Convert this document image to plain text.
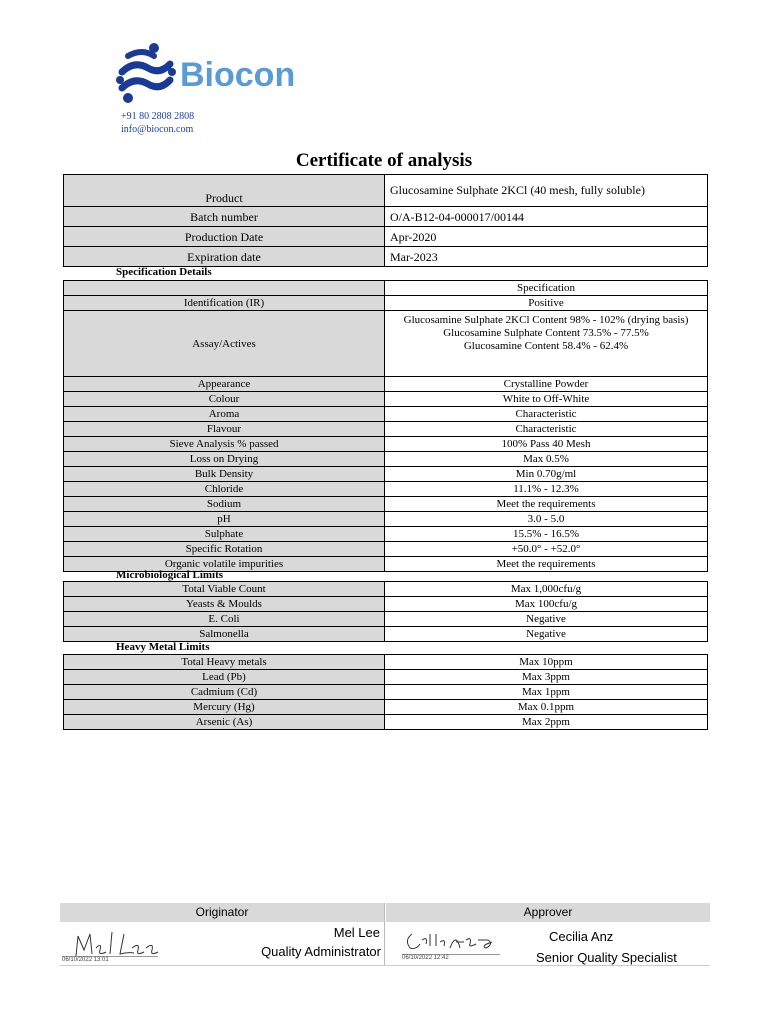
Biocon
+91 80 2808 2808
info@biocon.com
Certificate of analysis
Product	Glucosamine Sulphate 2KCl (40 mesh, fully soluble)
Batch number	O/A-B12-04-000017/00144
Production Date	Apr-2020
Expiration date	Mar-2023
Specification Details
	Specification
Identification (IR)	Positive
Assay/Actives	Glucosamine Sulphate 2KCl Content 98% - 102% (drying basis)
Glucosamine Sulphate Content 73.5% - 77.5%
Glucosamine Content 58.4% - 62.4%

Appearance	Crystalline Powder
Colour	White to Off-White
Aroma	Characteristic
Flavour	Characteristic
Sieve Analysis % passed	100% Pass 40 Mesh
Loss on Drying	Max 0.5%
Bulk Density	Min 0.70g/ml
Chloride	11.1% - 12.3%
Sodium	Meet the requirements
pH	3.0 - 5.0
Sulphate	15.5% - 16.5%
Specific Rotation	+50.0° - +52.0°
Organic volatile impurities	Meet the requirements
Microbiological Limits
Total Viable Count	Max 1,000cfu/g
Yeasts & Moulds	Max 100cfu/g
E. Coli	Negative
Salmonella	Negative
Heavy Metal Limits
Total Heavy metals	Max 10ppm
Lead (Pb)	Max 3ppm
Cadmium (Cd)	Max 1ppm
Mercury (Hg)	Max 0.1ppm
Arsenic (As)	Max 2ppm
Originator	Approver
06/10/2022 13:01
Mel Lee
Quality Administrator	06/10/2022 12:42
Cecilia Anz
Senior Quality Specialist
